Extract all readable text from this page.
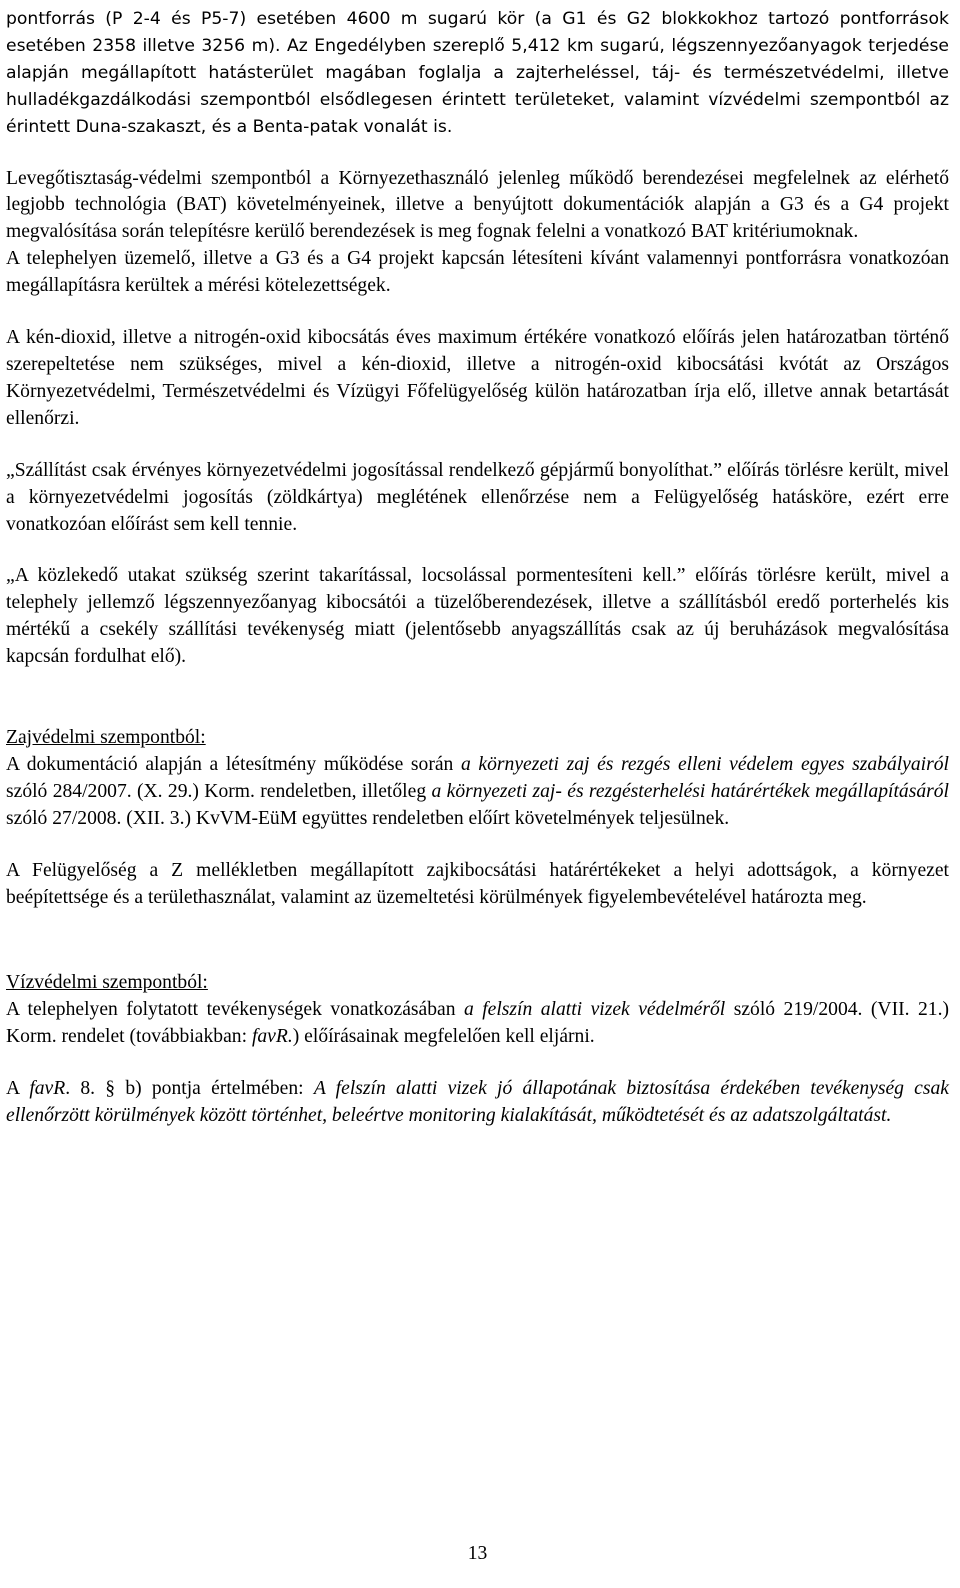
pontforrás (P 2-4 és P5-7) esetében 4600 m sugarú kör (a G1 és G2 blokkokhoz tartozó pontforrások esetében 2358 illetve 3256 m). Az Engedélyben szereplő 5,412 km sugarú, légszennyezőanyagok terjedése alapján megállapított hatásterület magában foglalja a zajterheléssel, táj- és természetvédelmi, illetve hulladékgazdálkodási szempontból elsődlegesen érintett területeket, valamint vízvédelmi szempontból az érintett Duna-szakaszt, és a Benta-patak vonalát is.

Levegőtisztaság-védelmi szempontból a Környezethasználó jelenleg működő berendezései megfelelnek az elérhető legjobb technológia (BAT) követelményeinek, illetve a benyújtott dokumentációk alapján a G3 és a G4 projekt megvalósítása során telepítésre kerülő berendezések is meg fognak felelni a vonatkozó BAT kritériumoknak.

A telephelyen üzemelő, illetve a G3 és a G4 projekt kapcsán létesíteni kívánt valamennyi pontforrásra vonatkozóan megállapításra kerültek a mérési kötelezettségek.

A kén-dioxid, illetve a nitrogén-oxid kibocsátás éves maximum értékére vonatkozó előírás jelen határozatban történő szerepeltetése nem szükséges, mivel a kén-dioxid, illetve a nitrogén-oxid kibocsátási kvótát az Országos Környezetvédelmi, Természetvédelmi és Vízügyi Főfelügyelőség külön határozatban írja elő, illetve annak betartását ellenőrzi.

„Szállítást csak érvényes környezetvédelmi jogosítással rendelkező gépjármű bonyolíthat.” előírás törlésre került, mivel a környezetvédelmi jogosítás (zöldkártya) meglétének ellenőrzése nem a Felügyelőség hatásköre, ezért erre vonatkozóan előírást sem kell tennie.

„A közlekedő utakat szükség szerint takarítással, locsolással pormentesíteni kell.” előírás törlésre került, mivel a telephely jellemző légszennyezőanyag kibocsátói a tüzelőberendezések, illetve a szállításból eredő porterhelés kis mértékű a csekély szállítási tevékenység miatt (jelentősebb anyagszállítás csak az új beruházások megvalósítása kapcsán fordulhat elő).

Zajvédelmi szempontból:

A dokumentáció alapján a létesítmény működése során a környezeti zaj és rezgés elleni védelem egyes szabályairól szóló 284/2007. (X. 29.) Korm. rendeletben, illetőleg a környezeti zaj- és rezgésterhelési határértékek megállapításáról szóló 27/2008. (XII. 3.) KvVM-EüM együttes rendeletben előírt követelmények teljesülnek.

A Felügyelőség a Z mellékletben megállapított zajkibocsátási határértékeket a helyi adottságok, a környezet beépítettsége és a területhasználat, valamint az üzemeltetési körülmények figyelembevételével határozta meg.

Vízvédelmi szempontból:

A telephelyen folytatott tevékenységek vonatkozásában a felszín alatti vizek védelméről szóló 219/2004. (VII. 21.) Korm. rendelet (továbbiakban: favR.) előírásainak megfelelően kell eljárni.

A favR. 8. § b) pontja értelmében: A felszín alatti vizek jó állapotának biztosítása érdekében tevékenység csak ellenőrzött körülmények között történhet, beleértve monitoring kialakítását, működtetését és az adatszolgáltatást.

13
